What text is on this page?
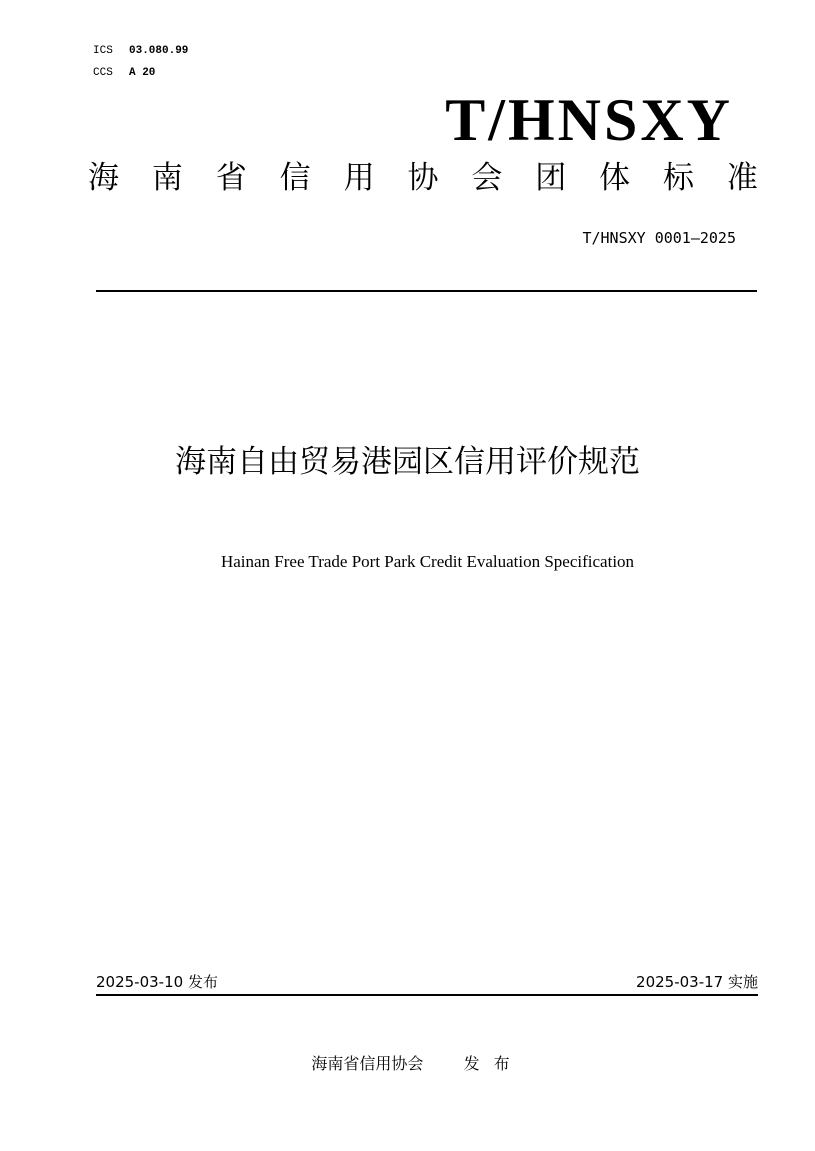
ICS	03.080.99
CCS	A 20
T/HNSXY
海 南 省 信 用 协 会 团 体 标 准
T/HNSXY 0001—2025
海南自由贸易港园区信用评价规范
Hainan Free Trade Port Park Credit Evaluation Specification
2025-03-10 发布	2025-03-17 实施
海南省信用协会	发布
